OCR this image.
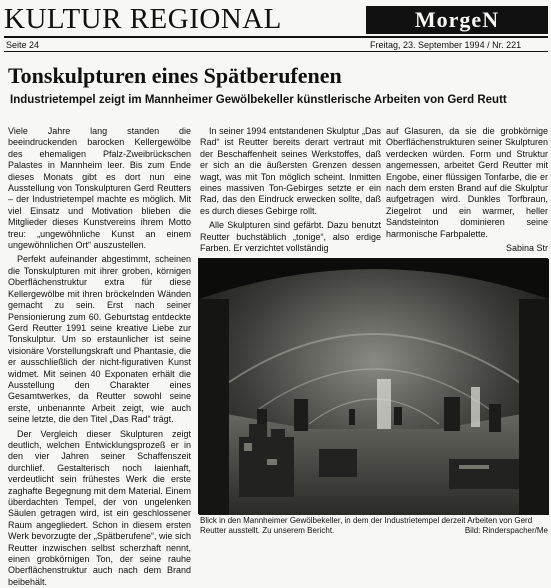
KULTUR REGIONAL	MorgeN
Seite 24	Freitag, 23. September 1994 / Nr. 221
Tonskulpturen eines Spätberufenen
Industrietempel zeigt im Mannheimer Gewölbekeller künstlerische Arbeiten von Gerd Reutt

Viele Jahre lang standen die beeindruckenden barocken Kellergewölbe des ehemaligen Pfalz-Zweibrückschen Palastes in Mannheim leer. Bis zum Ende dieses Monats gibt es dort nun eine Ausstellung von Tonskulpturen Gerd Reutters – der Industrietempel machte es möglich. Mit viel Einsatz und Motivation blieben die Mitglieder dieses Kunstvereins ihrem Motto treu: „ungewöhnliche Kunst an einem ungewöhnlichen Ort“ auszustellen.

Perfekt aufeinander abgestimmt, scheinen die Tonskulpturen mit ihrer groben, körnigen Oberflächenstruktur extra für diese Kellergewölbe mit ihren bröckelnden Wänden gemacht zu sein. Erst nach seiner Pensionierung zum 60. Geburtstag entdeckte Gerd Reutter 1991 seine kreative Liebe zur Tonskulptur. Um so erstaunlicher ist seine visionäre Vorstellungskraft und Phantasie, die er ausschließlich der nicht-figurativen Kunst widmet. Mit seinen 40 Exponaten erhält die Ausstellung den Charakter eines Gesamtwerkes, da Reutter sowohl seine erste, unbenannte Arbeit zeigt, wie auch seine letzte, die den Titel „Das Rad“ trägt.

Der Vergleich dieser Skulpturen zeigt deutlich, welchen Entwicklungsprozeß er in den vier Jahren seiner Schaffenszeit durchlief. Gestalterisch noch laienhaft, verdeutlicht sein frühestes Werk die erste zaghafte Begegnung mit dem Material. Einem überdachten Tempel, der von ungelenken Säulen getragen wird, ist ein geschlossener Raum angegliedert. Schon in diesem ersten Werk bevorzugte der „Spätberufene“, wie sich Reutter inzwischen selbst scherzhaft nennt, einen grobkörnigen Ton, der seine rauhe Oberflächenstruktur auch nach dem Brand beibehält.

In seiner 1994 entstandenen Skulptur „Das Rad“ ist Reutter bereits derart vertraut mit der Beschaffenheit seines Werkstoffes, daß er sich an die äußersten Grenzen dessen wagt, was mit Ton möglich scheint. Inmitten eines massiven Ton-Gebirges setzte er ein Rad, das den Eindruck erwecken sollte, daß es durch dieses Gebirge rollt.

Alle Skulpturen sind gefärbt. Dazu benutzt Reutter buchstäblich „tonige“, also erdige Farben. Er verzichtet vollständig

auf Glasuren, da sie die grobkörnige Oberflächenstrukturen seiner Skulpturen verdecken würden. Form und Struktur angemessen, arbeitet Gerd Reutter mit Engobe, einer flüssigen Tonfarbe, die er nach dem ersten Brand auf die Skulptur aufgetragen wird. Dunkles Torfbraun, Ziegelrot und ein warmer, heller Sandsteinton dominieren seine harmonische Farbpalette.

Sabina Str

Blick in den Mannheimer Gewölbekeller, in dem der Industrietempel derzeit Arbeiten von Gerd Reutter ausstellt. Zu unserem Bericht.	Bild: Rinderspacher/Me
